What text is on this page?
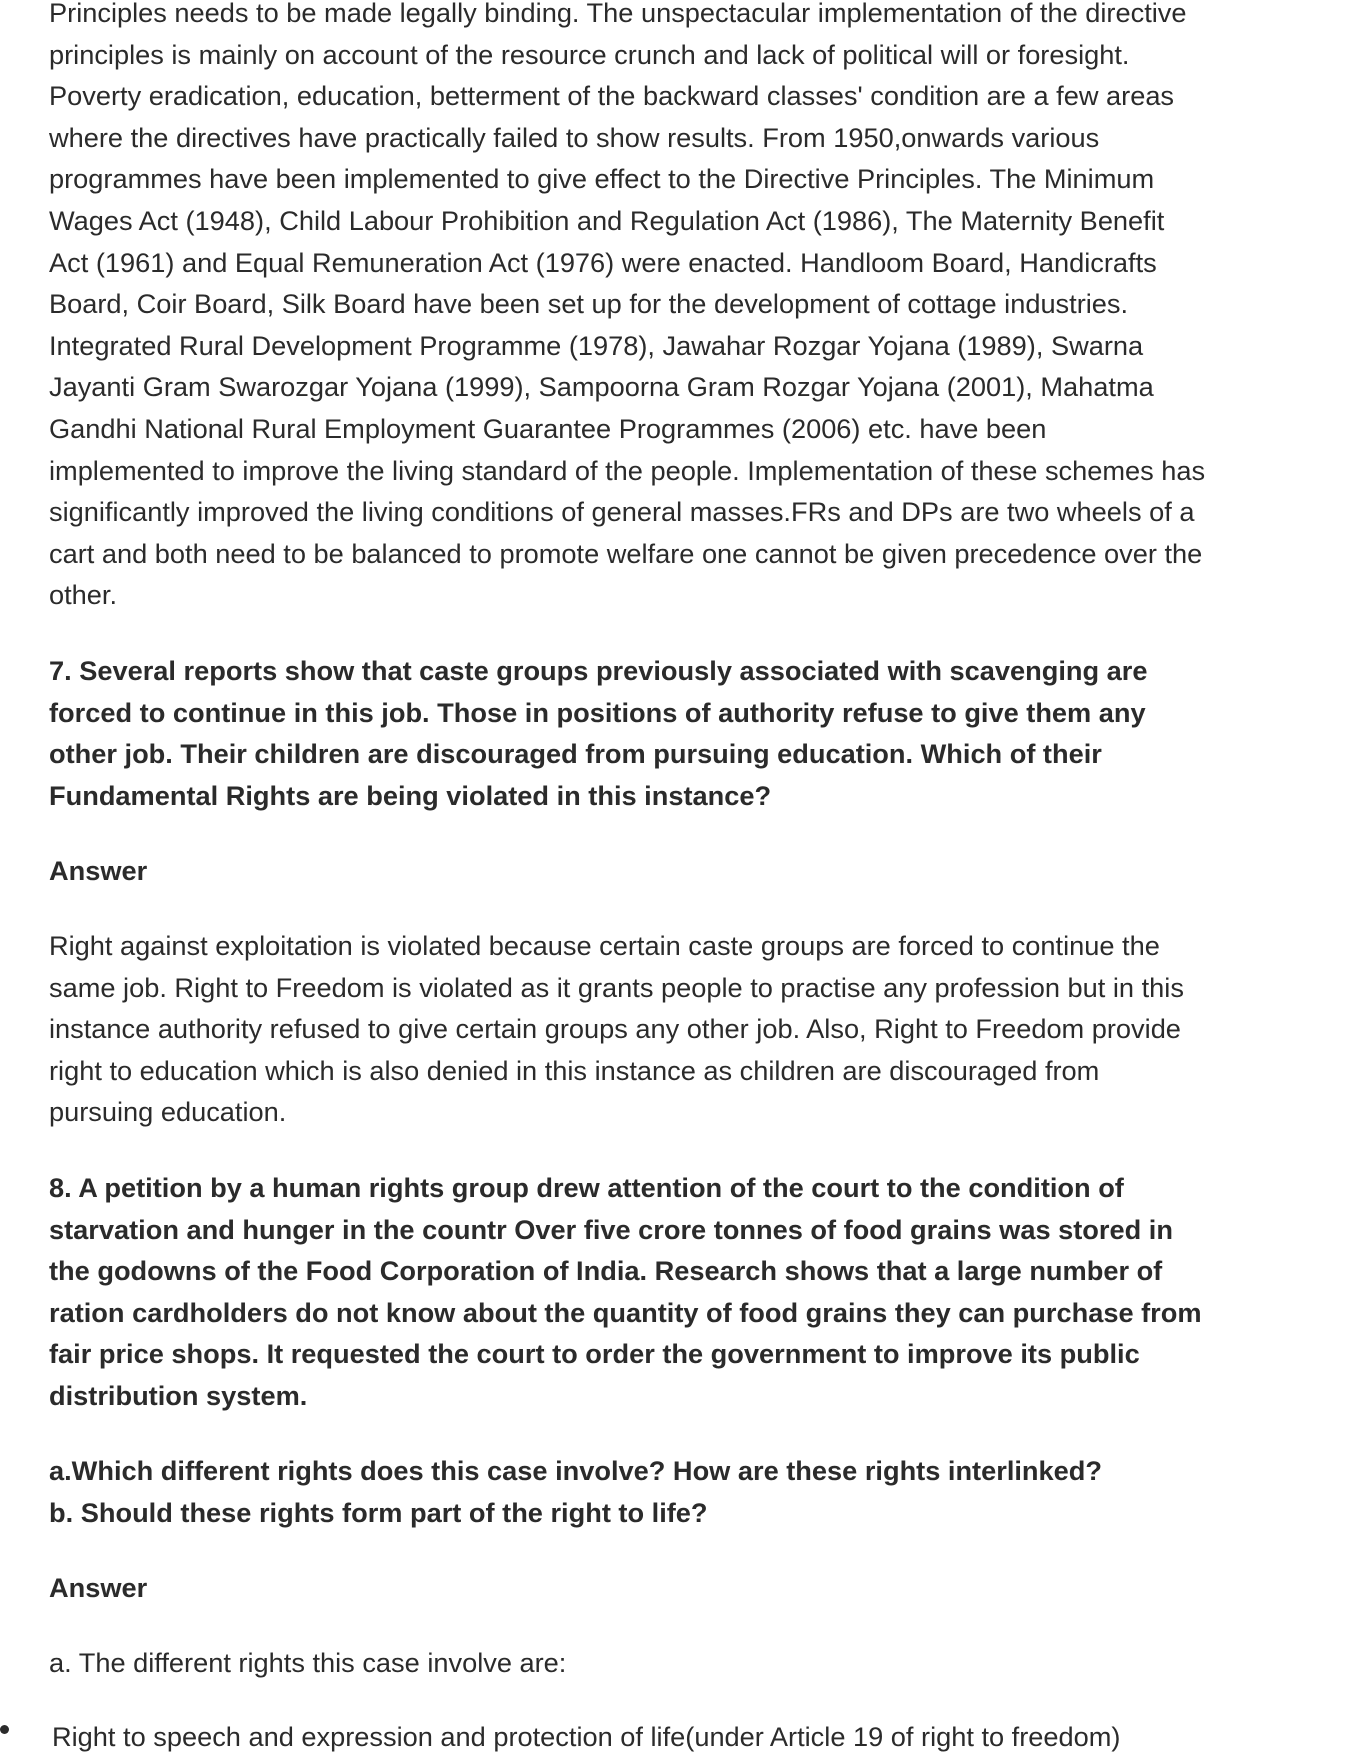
Principles needs to be made legally binding. The unspectacular implementation of the directive
principles is mainly on account of the resource crunch and lack of political will or foresight.
Poverty eradication, education, betterment of the backward classes' condition are a few areas
where the directives have practically failed to show results. From 1950,onwards various
programmes have been implemented to give effect to the Directive Principles. The Minimum
Wages Act (1948), Child Labour Prohibition and Regulation Act (1986), The Maternity Benefit
Act (1961) and Equal Remuneration Act (1976) were enacted. Handloom Board, Handicrafts
Board, Coir Board, Silk Board have been set up for the development of cottage industries.
Integrated Rural Development Programme (1978), Jawahar Rozgar Yojana (1989), Swarna
Jayanti Gram Swarozgar Yojana (1999), Sampoorna Gram Rozgar Yojana (2001), Mahatma
Gandhi National Rural Employment Guarantee Programmes (2006) etc. have been
implemented to improve the living standard of the people. Implementation of these schemes has
significantly improved the living conditions of general masses.FRs and DPs are two wheels of a
cart and both need to be balanced to promote welfare one cannot be given precedence over the
other.

7. Several reports show that caste groups previously associated with scavenging are
forced to continue in this job. Those in positions of authority refuse to give them any
other job. Their children are discouraged from pursuing education. Which of their
Fundamental Rights are being violated in this instance?

Answer

Right against exploitation is violated because certain caste groups are forced to continue the
same job. Right to Freedom is violated as it grants people to practise any profession but in this
instance authority refused to give certain groups any other job. Also, Right to Freedom provide
right to education which is also denied in this instance as children are discouraged from
pursuing education.

8. A petition by a human rights group drew attention of the court to the condition of
starvation and hunger in the countr Over five crore tonnes of food grains was stored in
the godowns of the Food Corporation of India. Research shows that a large number of
ration cardholders do not know about the quantity of food grains they can purchase from
fair price shops. It requested the court to order the government to improve its public
distribution system.

a.Which different rights does this case involve? How are these rights interlinked?
b. Should these rights form part of the right to life?

Answer

a. The different rights this case involve are:

Right to speech and expression and protection of life(under Article 19 of right to freedom)
